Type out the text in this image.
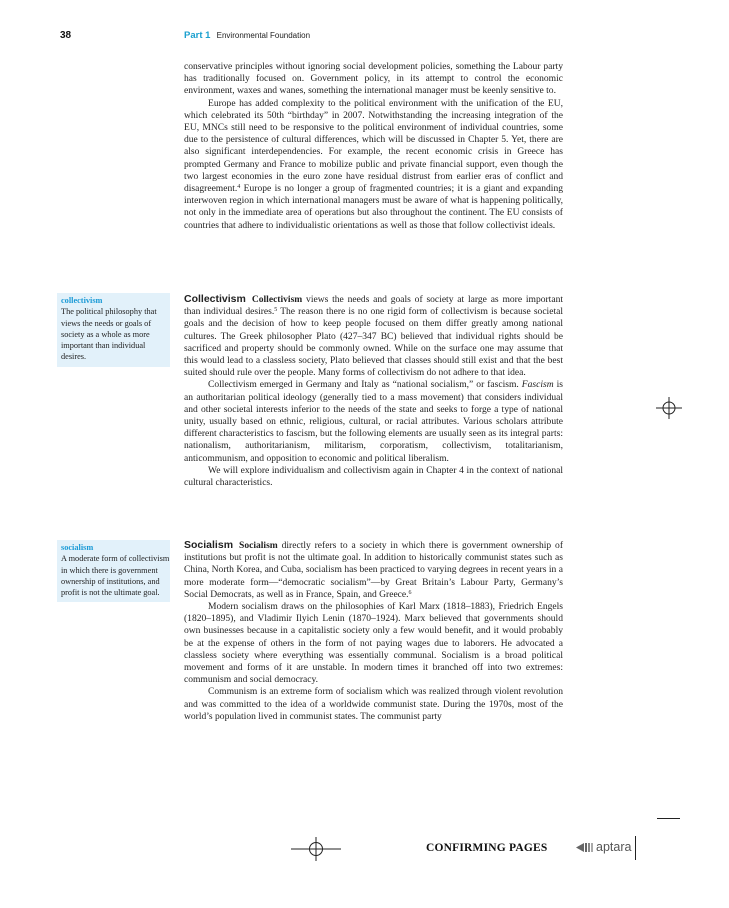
38	Part 1 Environmental Foundation

conservative principles without ignoring social development policies, something the Labour party has traditionally focused on. Government policy, in its attempt to control the economic environment, waxes and wanes, something the international manager must be keenly sensitive to.

Europe has added complexity to the political environment with the unification of the EU, which celebrated its 50th “birthday” in 2007. Notwithstanding the increasing integration of the EU, MNCs still need to be responsive to the political environment of individual countries, some due to the persistence of cultural differences, which will be discussed in Chapter 5. Yet, there are also significant interdependencies. For example, the recent economic crisis in Greece has prompted Germany and France to mobilize public and private financial support, even though the two largest economies in the euro zone have residual distrust from earlier eras of conflict and disagreement.$^4$ Europe is no longer a group of fragmented countries; it is a giant and expanding interwoven region in which international managers must be aware of what is happening politically, not only in the immediate area of operations but also throughout the continent. The EU consists of countries that adhere to individualistic orientations as well as those that follow collectivist ideals.

Collectivism Collectivism views the needs and goals of society at large as more important than individual desires.$^5$ The reason there is no one rigid form of collectivism is because societal goals and the decision of how to keep people focused on them differ greatly among national cultures. The Greek philosopher Plato (427–347 BC) believed that individual rights should be sacrificed and property should be commonly owned. While on the surface one may assume that this would lead to a classless society, Plato believed that classes should still exist and that the best suited should rule over the people. Many forms of collectivism do not adhere to that idea.

Collectivism emerged in Germany and Italy as “national socialism,” or fascism. Fascism is an authoritarian political ideology (generally tied to a mass movement) that considers individual and other societal interests inferior to the needs of the state and seeks to forge a type of national unity, usually based on ethnic, religious, cultural, or racial attributes. Various scholars attribute different characteristics to fascism, but the following elements are usually seen as its integral parts: nationalism, authoritarianism, militarism, corporatism, collectivism, totalitarianism, anticommunism, and opposition to economic and political liberalism.

We will explore individualism and collectivism again in Chapter 4 in the context of national cultural characteristics.

Socialism Socialism directly refers to a society in which there is government ownership of institutions but profit is not the ultimate goal. In addition to historically communist states such as China, North Korea, and Cuba, socialism has been practiced to varying degrees in recent years in a more moderate form—“democratic socialism”—by Great Britain’s Labour Party, Germany’s Social Democrats, as well as in France, Spain, and Greece.$^6$

Modern socialism draws on the philosophies of Karl Marx (1818–1883), Friedrich Engels (1820–1895), and Vladimir Ilyich Lenin (1870–1924). Marx believed that governments should own businesses because in a capitalistic society only a few would benefit, and it would probably be at the expense of others in the form of not paying wages due to laborers. He advocated a classless society where everything was essentially communal. Socialism is a broad political movement and forms of it are unstable. In modern times it branched off into two extremes: communism and social democracy.

Communism is an extreme form of socialism which was realized through violent revolution and was committed to the idea of a worldwide communist state. During the 1970s, most of the world’s population lived in communist states. The communist party

collectivism
The political philosophy that views the needs or goals of society as a whole as more important than individual desires.
socialism
A moderate form of collectivism in which there is government ownership of institutions, and profit is not the ultimate goal.
CONFIRMING PAGES	aptara
